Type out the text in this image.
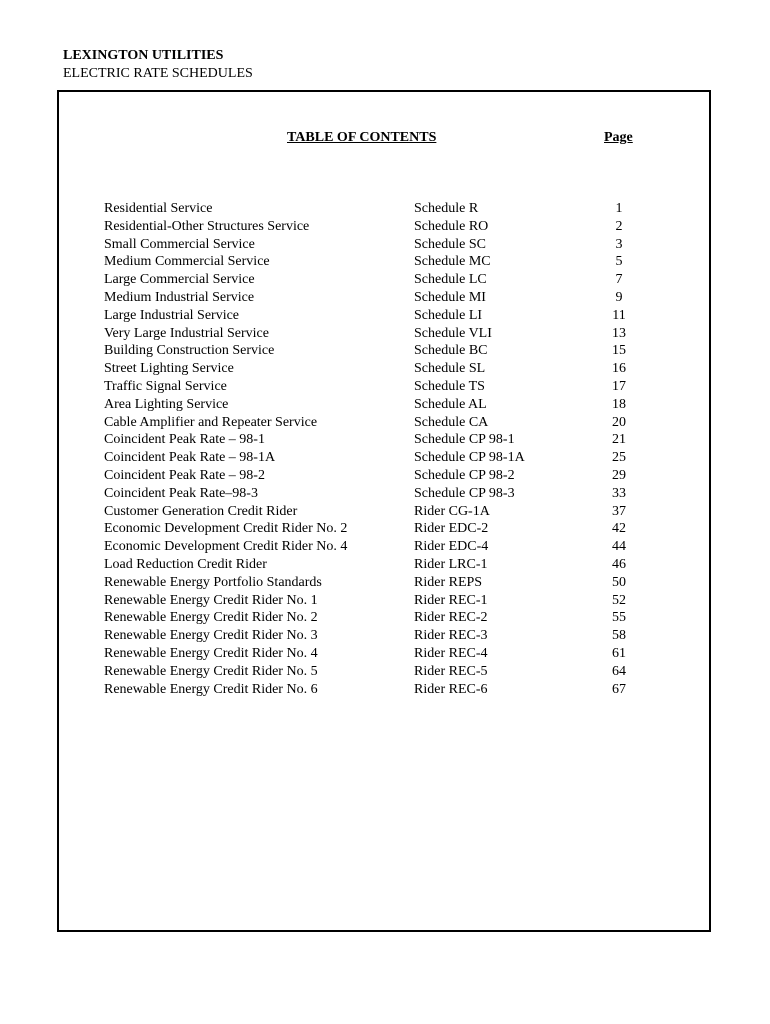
LEXINGTON UTILITIES
ELECTRIC RATE SCHEDULES
TABLE OF CONTENTS	Page
Residential Service	Schedule R	1
Residential-Other Structures Service	Schedule RO	2
Small Commercial Service	Schedule SC	3
Medium Commercial Service	Schedule MC	5
Large Commercial Service	Schedule LC	7
Medium Industrial Service	Schedule MI	9
Large Industrial Service	Schedule LI	11
Very Large Industrial Service	Schedule VLI	13
Building Construction Service	Schedule BC	15
Street Lighting Service	Schedule SL	16
Traffic Signal Service	Schedule TS	17
Area Lighting Service	Schedule AL	18
Cable Amplifier and Repeater Service	Schedule CA	20
Coincident Peak Rate – 98-1	Schedule CP 98-1	21
Coincident Peak Rate – 98-1A	Schedule CP 98-1A	25
Coincident Peak Rate – 98-2	Schedule CP 98-2	29
Coincident Peak Rate–98-3	Schedule CP 98-3	33
Customer Generation Credit Rider	Rider CG-1A	37
Economic Development Credit Rider No. 2	Rider EDC-2	42
Economic Development Credit Rider No. 4	Rider EDC-4	44
Load Reduction Credit Rider	Rider LRC-1	46
Renewable Energy Portfolio Standards	Rider REPS	50
Renewable Energy Credit Rider No. 1	Rider REC-1	52
Renewable Energy Credit Rider No. 2	Rider REC-2	55
Renewable Energy Credit Rider No. 3	Rider REC-3	58
Renewable Energy Credit Rider No. 4	Rider REC-4	61
Renewable Energy Credit Rider No. 5	Rider REC-5	64
Renewable Energy Credit Rider No. 6	Rider REC-6	67
